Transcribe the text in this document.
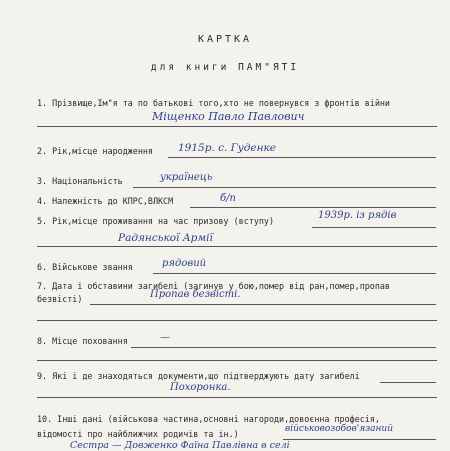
КАРТКА
для книги ПАМ"ЯТІ
1. Прізвище,Ім"я та по батькові того,хто не повернувся з фронтів війни
Міщенко Павло Павлович
2. Рік,місце народження	1915р. с. Гуденке
3. Національність	українець
4. Належність до КПРС,ВЛКСМ	б/п
5. Рік,місце проживання на час призову (вступу)	1939р. із рядів
Радянської Армії
6. Військове звання	рядовий
7. Дата і обставини загибелі (загинув у бою,помер від ран,помер,пропав
безвісті)	Пропав безвісті.
8. Місце поховання	—
9. Які і де знаходяться документи,що підтверджують дату загибелі
Похоронка.
10. Інші дані (військова частина,основні нагороди,довоєнна професія,
відомості про найближчих родичів та ін.)	військовозобов'язаний
Сестра — Довженко Фаїна Павлівна в селі
